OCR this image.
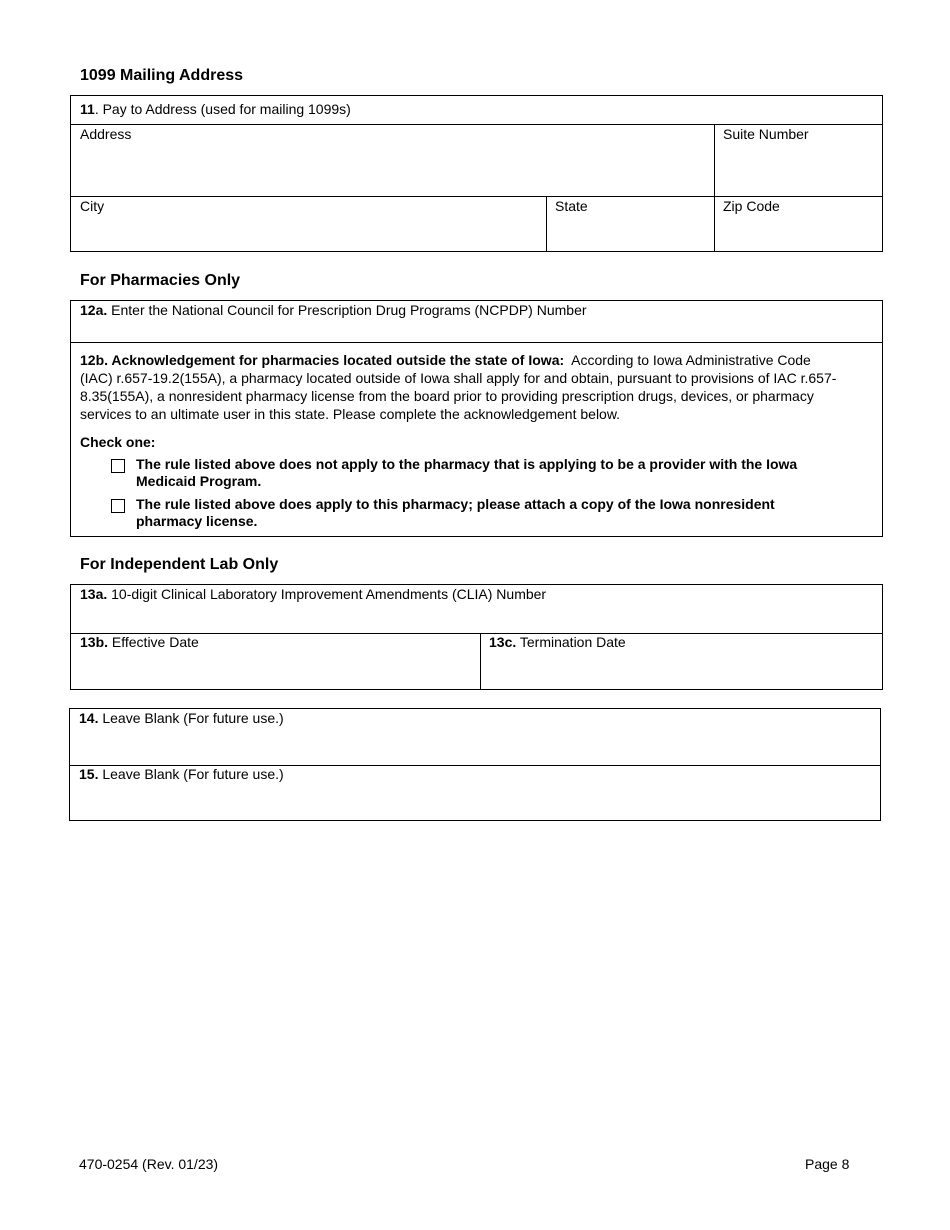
1099 Mailing Address
11. Pay to Address (used for mailing 1099s)
Address	Suite Number
City	State	Zip Code
For Pharmacies Only
12a. Enter the National Council for Prescription Drug Programs (NCPDP) Number
12b. Acknowledgement for pharmacies located outside the state of Iowa: According to Iowa Administrative Code
(IAC) r.657-19.2(155A), a pharmacy located outside of Iowa shall apply for and obtain, pursuant to provisions of IAC r.657-
8.35(155A), a nonresident pharmacy license from the board prior to providing prescription drugs, devices, or pharmacy
services to an ultimate user in this state. Please complete the acknowledgement below.
Check one:
The rule listed above does not apply to the pharmacy that is applying to be a provider with the Iowa
Medicaid Program.
The rule listed above does apply to this pharmacy; please attach a copy of the Iowa nonresident
pharmacy license.
For Independent Lab Only
13a. 10-digit Clinical Laboratory Improvement Amendments (CLIA) Number
13b. Effective Date	13c. Termination Date
14. Leave Blank (For future use.)
15. Leave Blank (For future use.)
470-0254 (Rev. 01/23)	Page 8
